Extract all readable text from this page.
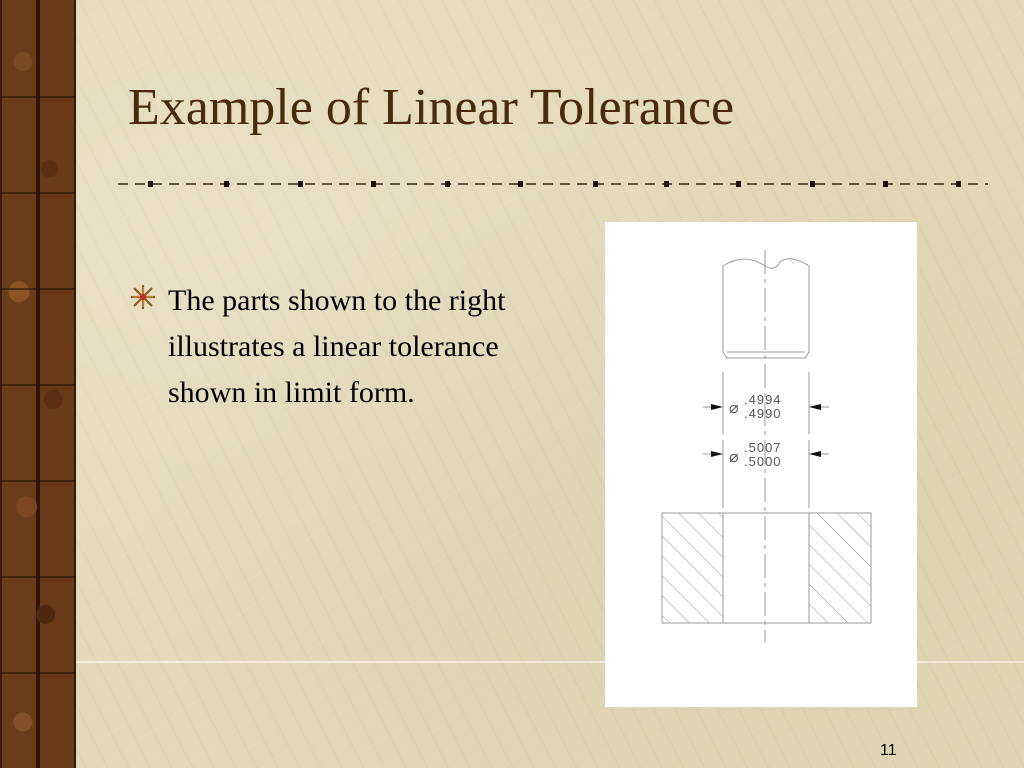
Example of Linear Tolerance
The parts shown to the right illustrates a linear tolerance shown in limit form.	⌀
.4994
.4990
⌀
.5007
.5000
11
